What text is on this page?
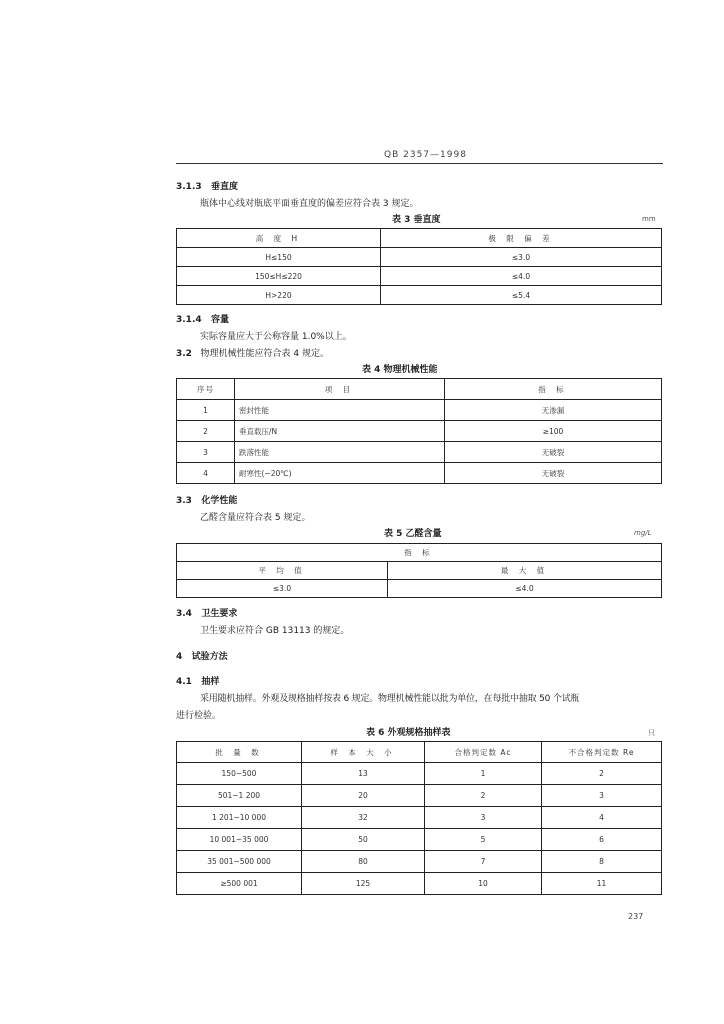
QB 2357—1998
3.1.3 垂直度
瓶体中心线对瓶底平面垂直度的偏差应符合表 3 规定。
表 3 垂直度	mm
高 度 H	极 限 偏 差
H≤150	≤3.0
150≤H≤220	≤4.0
H>220	≤5.4
3.1.4 容量
实际容量应大于公称容量 1.0%以上。
3.2 物理机械性能应符合表 4 规定。
表 4 物理机械性能
序号	项 目	指 标
1	密封性能	无渗漏
2	垂直载压/N	≥100
3	跌落性能	无破裂
4	耐寒性(−20℃)	无破裂
3.3 化学性能
乙醛含量应符合表 5 规定。
表 5 乙醛含量	mg/L
指 标	
平 均 值	最 大 值
≤3.0	≤4.0
3.4 卫生要求
卫生要求应符合 GB 13113 的规定。
4 试验方法
4.1 抽样
采用随机抽样。外观及规格抽样按表 6 规定。物理机械性能以批为单位，在每批中抽取 50 个试瓶
进行检验。
表 6 外观规格抽样表	只
批 量 数	样 本 大 小	合格判定数 Ac	不合格判定数 Re
150~500	13	1	2
501~1 200	20	2	3
1 201~10 000	32	3	4
10 001~35 000	50	5	6
35 001~500 000	80	7	8
≥500 001	125	10	11
237
